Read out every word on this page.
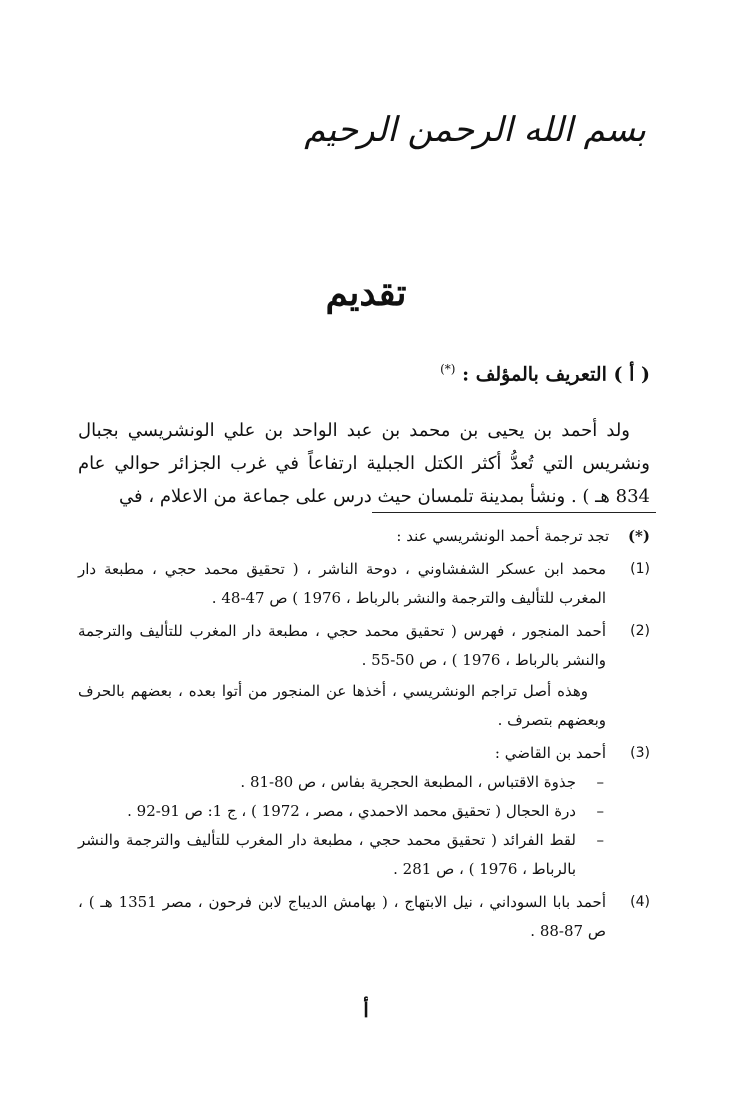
بسم الله الرحمن الرحيم
تقديم
( أ ) التعريف بالمؤلف : (*)

ولد أحمد بن يحيى بن محمد بن عبد الواحد بن علي الونشريسي بجبال ونشريس التي تُعدُّ أكثر الكتل الجبلية ارتفاعاً في غرب الجزائر حوالي عام 834 هـ ) . ونشأ بمدينة تلمسان حيث درس على جماعة من الاعلام ، في

(*) تجد ترجمة أحمد الونشريسي عند :
(1)

محمد ابن عسكر الشفشاوني ، دوحة الناشر ، ( تحقيق محمد حجي ، مطبعة دار المغرب للتأليف والترجمة والنشر بالرباط ، 1976 ) ص 47-48 .

(2)

أحمد المنجور ، فهرس ( تحقيق محمد حجي ، مطبعة دار المغرب للتأليف والترجمة والنشر بالرباط ، 1976 ) ، ص 50-55 .

وهذه أصل تراجم الونشريسي ، أخذها عن المنجور من أتوا بعده ، بعضهم بالحرف وبعضهم بتصرف .

(3)

أحمد بن القاضي :

– جذوة الاقتباس ، المطبعة الحجرية بفاس ، ص 80-81 .
– درة الحجال ( تحقيق محمد الاحمدي ، مصر ، 1972 ) ، ج 1: ص 91-92 .
– لقط الفرائد ( تحقيق محمد حجي ، مطبعة دار المغرب للتأليف والترجمة والنشر بالرباط ، 1976 ) ، ص 281 .
(4)

أحمد بابا السوداني ، نيل الابتهاج ، ( بهامش الديباج لابن فرحون ، مصر 1351 هـ ) ، ص 87-88 .

أ
